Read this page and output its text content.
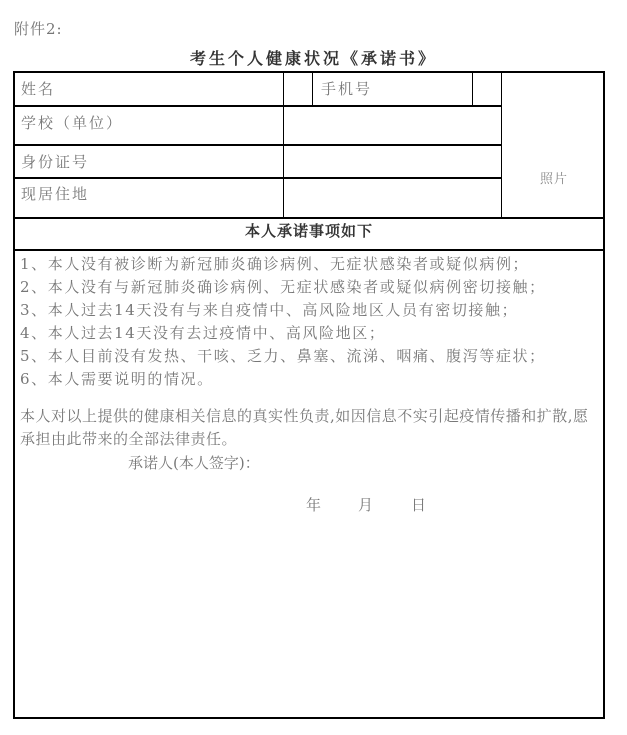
附件2:
考生个人健康状况《承诺书》
姓名	手机号
学校（单位）
身份证号
现居住地
照片
本人承诺事项如下
1、本人没有被诊断为新冠肺炎确诊病例、无症状感染者或疑似病例；
2、本人没有与新冠肺炎确诊病例、无症状感染者或疑似病例密切接触；
3、本人过去14天没有与来自疫情中、高风险地区人员有密切接触；
4、本人过去14天没有去过疫情中、高风险地区；
5、本人目前没有发热、干咳、乏力、鼻塞、流涕、咽痛、腹泻等症状；
6、本人需要说明的情况。
本人对以上提供的健康相关信息的真实性负责,如因信息不实引起疫情传播和扩散,愿承担由此带来的全部法律责任。
承诺人(本人签字)：
年 月	日
